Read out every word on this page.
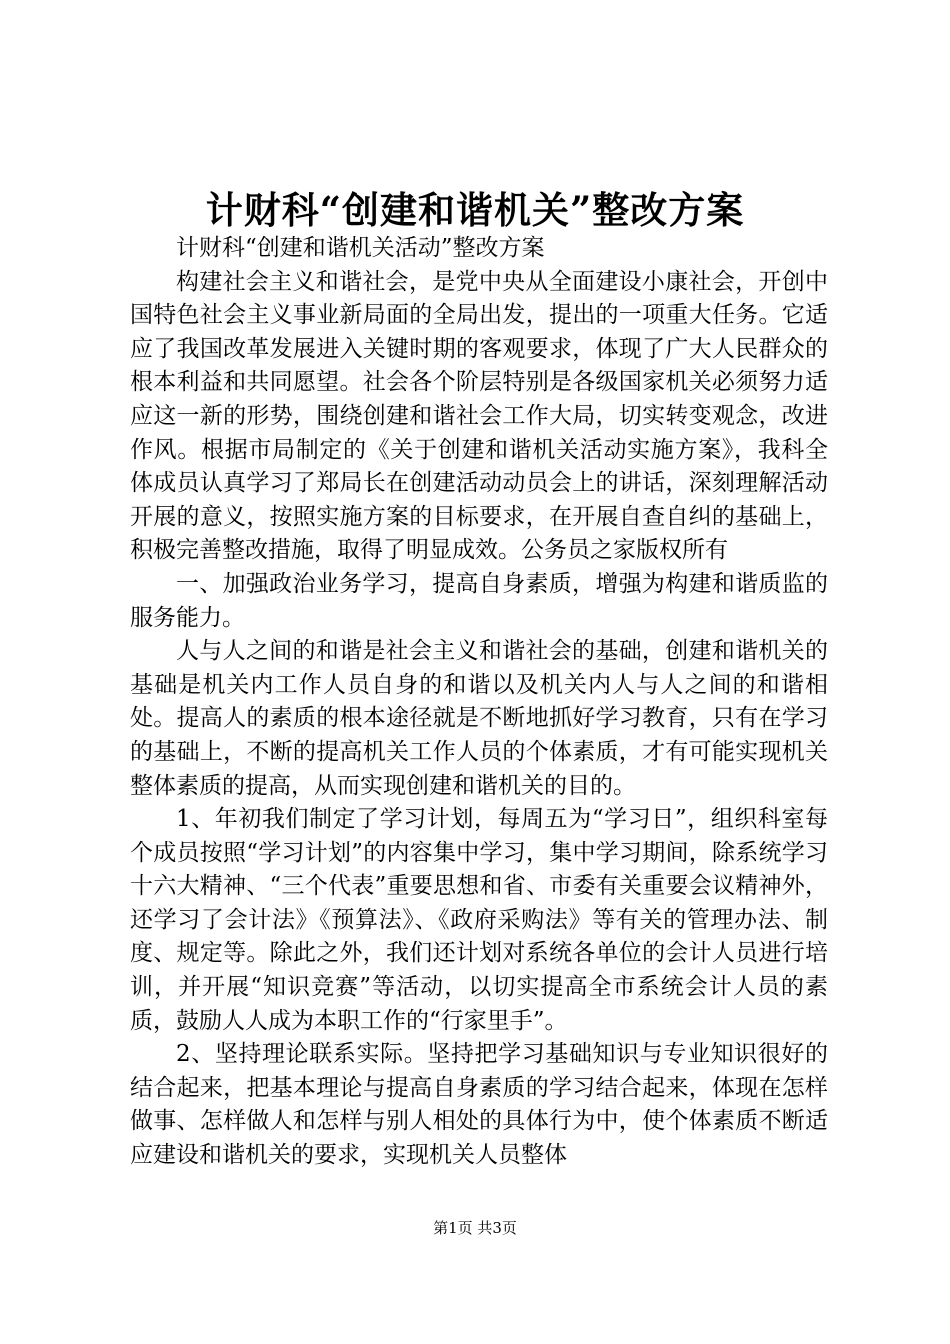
计财科“创建和谐机关”整改方案

计财科“创建和谐机关活动”整改方案

构建社会主义和谐社会，是党中央从全面建设小康社会，开创中国特色社会主义事业新局面的全局出发，提出的一项重大任务。它适应了我国改革发展进入关键时期的客观要求，体现了广大人民群众的根本利益和共同愿望。社会各个阶层特别是各级国家机关必须努力适应这一新的形势，围绕创建和谐社会工作大局，切实转变观念，改进作风。根据市局制定的《关于创建和谐机关活动实施方案》，我科全体成员认真学习了郑局长在创建活动动员会上的讲话，深刻理解活动开展的意义，按照实施方案的目标要求，在开展自查自纠的基础上，积极完善整改措施，取得了明显成效。公务员之家版权所有

一、加强政治业务学习，提高自身素质，增强为构建和谐质监的服务能力。

人与人之间的和谐是社会主义和谐社会的基础，创建和谐机关的基础是机关内工作人员自身的和谐以及机关内人与人之间的和谐相处。提高人的素质的根本途径就是不断地抓好学习教育，只有在学习的基础上，不断的提高机关工作人员的个体素质，才有可能实现机关整体素质的提高，从而实现创建和谐机关的目的。

1、年初我们制定了学习计划，每周五为“学习日”，组织科室每个成员按照“学习计划”的内容集中学习，集中学习期间，除系统学习十六大精神、“三个代表”重要思想和省、市委有关重要会议精神外，还学习了会计法》《预算法》、《政府采购法》等有关的管理办法、制度、规定等。除此之外，我们还计划对系统各单位的会计人员进行培训，并开展“知识竞赛”等活动，以切实提高全市系统会计人员的素质，鼓励人人成为本职工作的“行家里手”。

2、坚持理论联系实际。坚持把学习基础知识与专业知识很好的结合起来，把基本理论与提高自身素质的学习结合起来，体现在怎样做事、怎样做人和怎样与别人相处的具体行为中，使个体素质不断适应建设和谐机关的要求，实现机关人员整体

第1页 共3页
